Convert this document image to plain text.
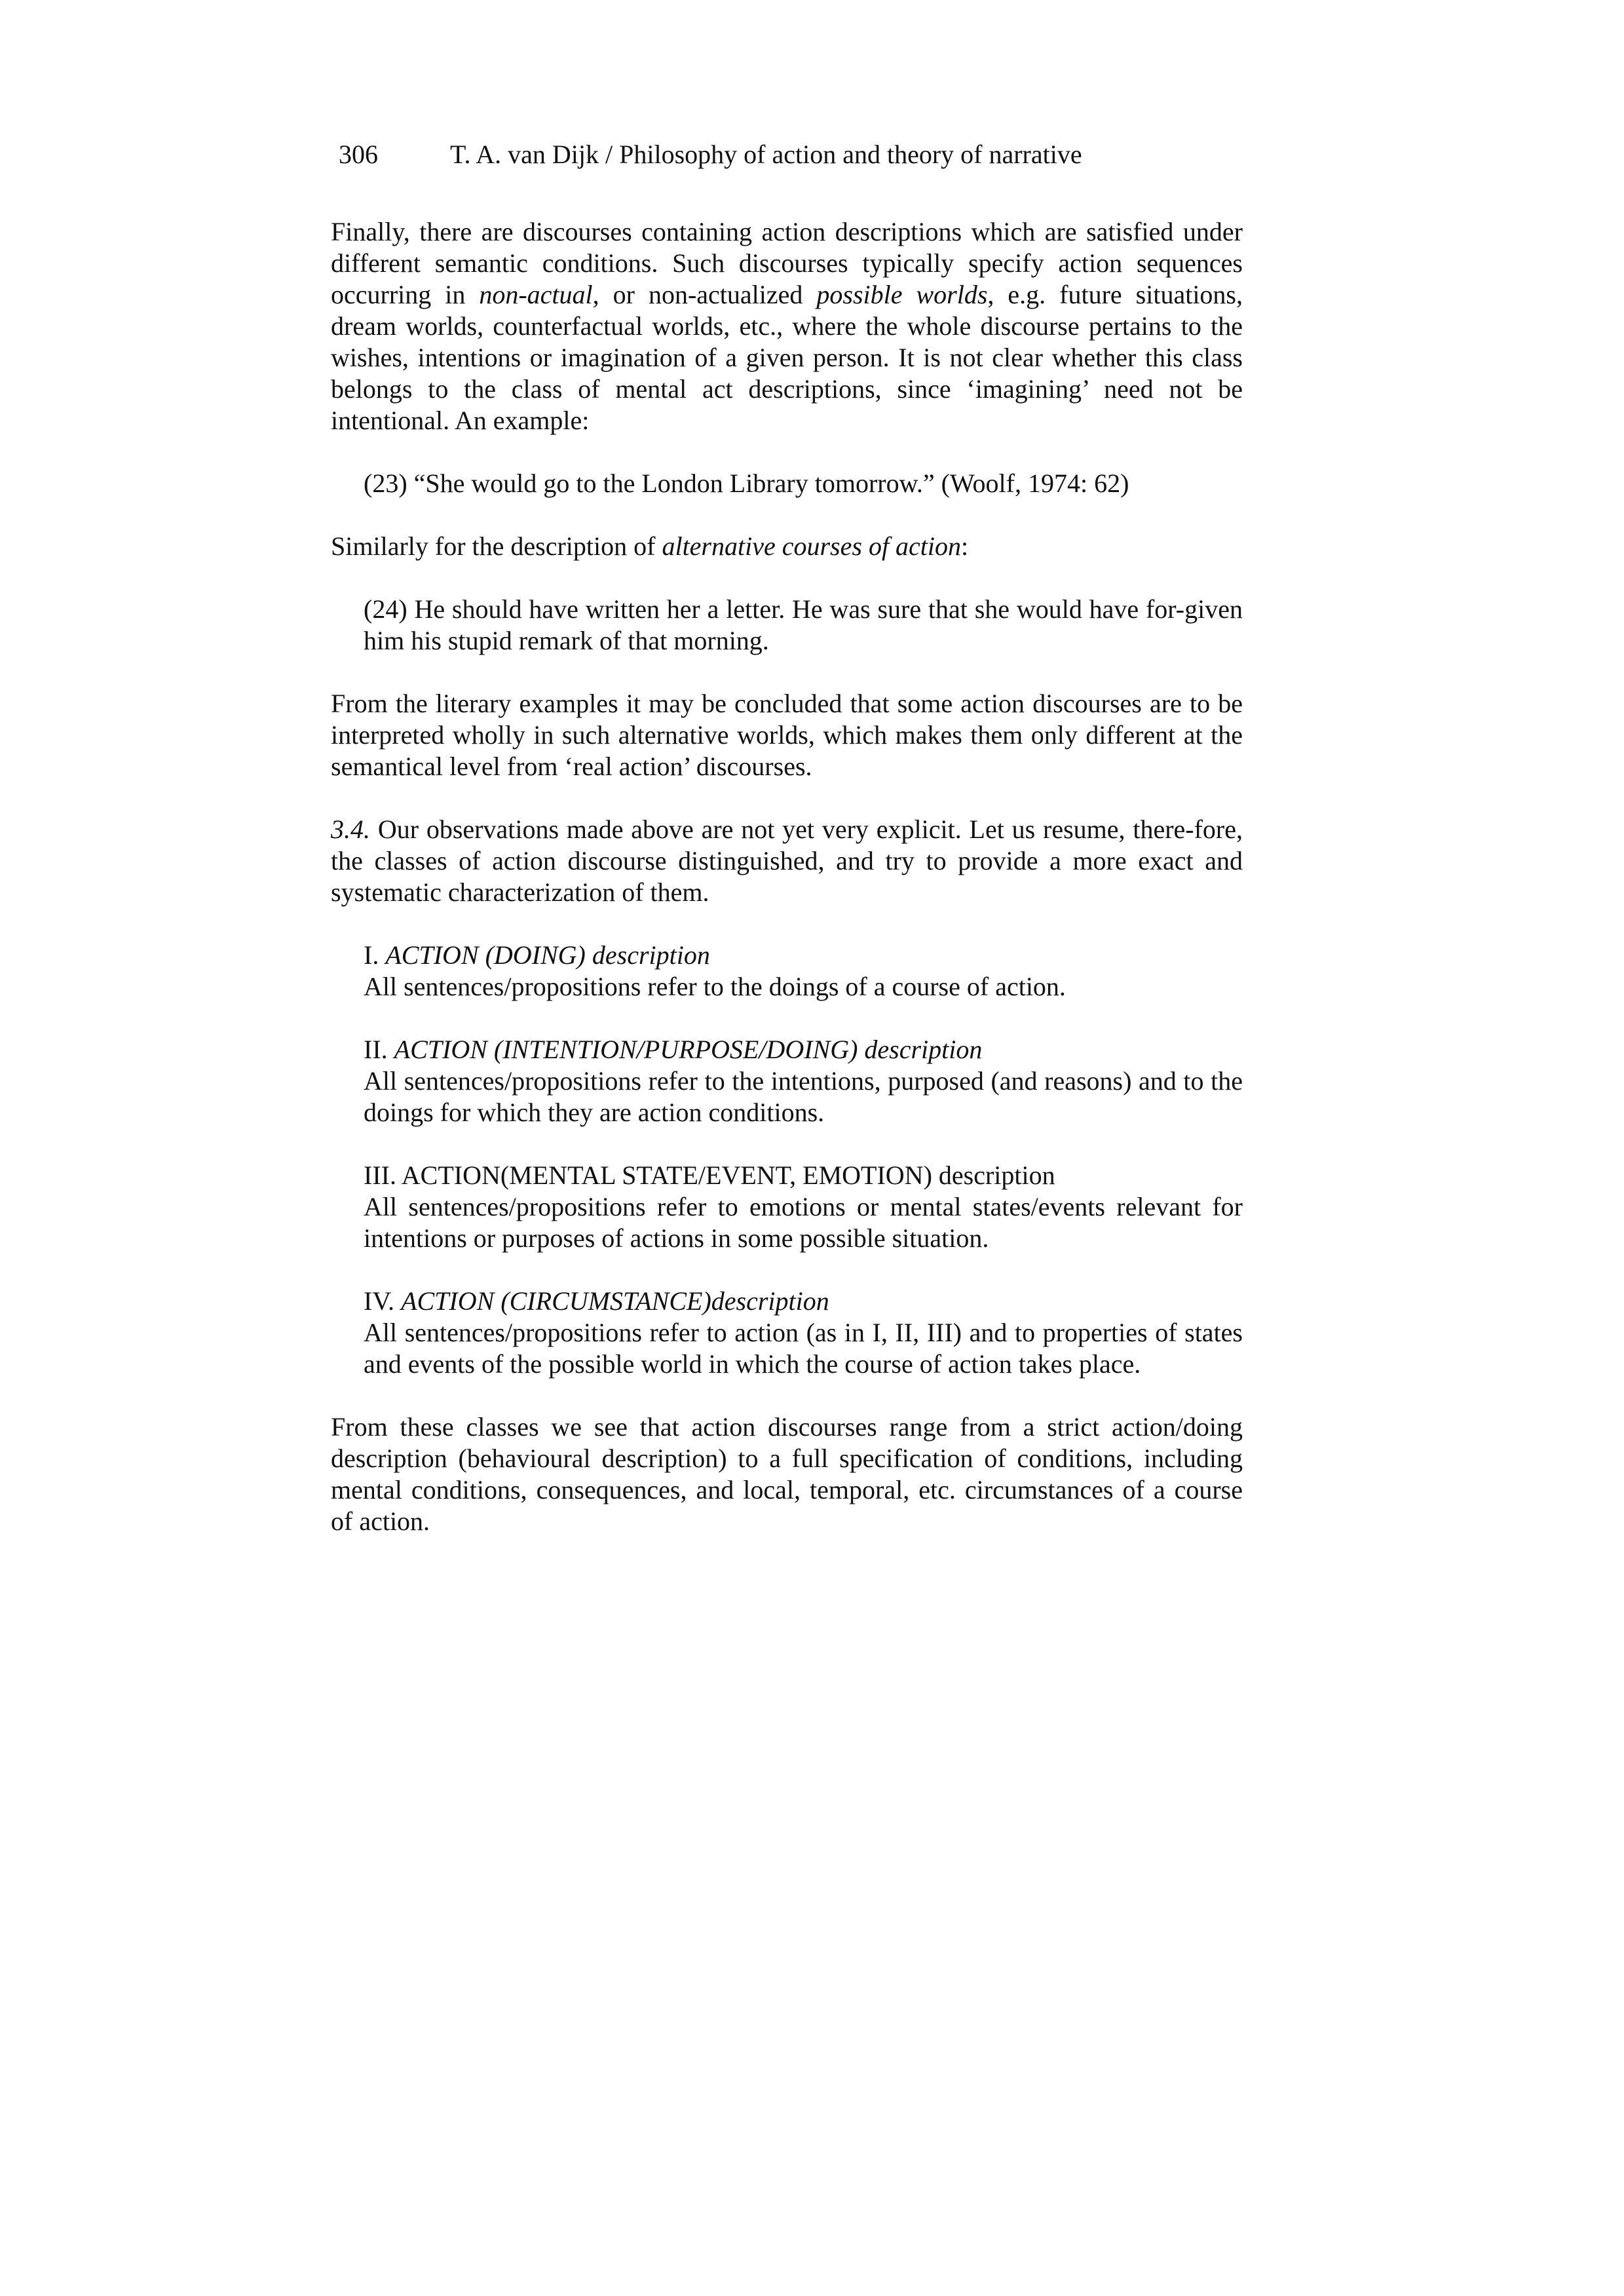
306	T. A. van Dijk / Philosophy of action and theory of narrative

Finally, there are discourses containing action descriptions which are satisfied under different semantic conditions. Such discourses typically specify action sequences occurring in non-actual, or non-actualized possible worlds, e.g. future situations, dream worlds, counterfactual worlds, etc., where the whole discourse pertains to the wishes, intentions or imagination of a given person. It is not clear whether this class belongs to the class of mental act descriptions, since ‘imagining’ need not be intentional. An example:

(23) “She would go to the London Library tomorrow.” (Woolf, 1974: 62)

Similarly for the description of alternative courses of action:

(24) He should have written her a letter. He was sure that she would have for-given him his stupid remark of that morning.

From the literary examples it may be concluded that some action discourses are to be interpreted wholly in such alternative worlds, which makes them only different at the semantical level from ‘real action’ discourses.

3.4. Our observations made above are not yet very explicit. Let us resume, there-fore, the classes of action discourse distinguished, and try to provide a more exact and systematic characterization of them.

I. ACTION (DOING) description

All sentences/propositions refer to the doings of a course of action.

II. ACTION (INTENTION/PURPOSE/DOING) description

All sentences/propositions refer to the intentions, purposed (and reasons) and to the doings for which they are action conditions.

III. ACTION(MENTAL STATE/EVENT, EMOTION) description

All sentences/propositions refer to emotions or mental states/events relevant for intentions or purposes of actions in some possible situation.

IV. ACTION (CIRCUMSTANCE)description

All sentences/propositions refer to action (as in I, II, III) and to properties of states and events of the possible world in which the course of action takes place.

From these classes we see that action discourses range from a strict action/doing description (behavioural description) to a full specification of conditions, including mental conditions, consequences, and local, temporal, etc. circumstances of a course of action.
